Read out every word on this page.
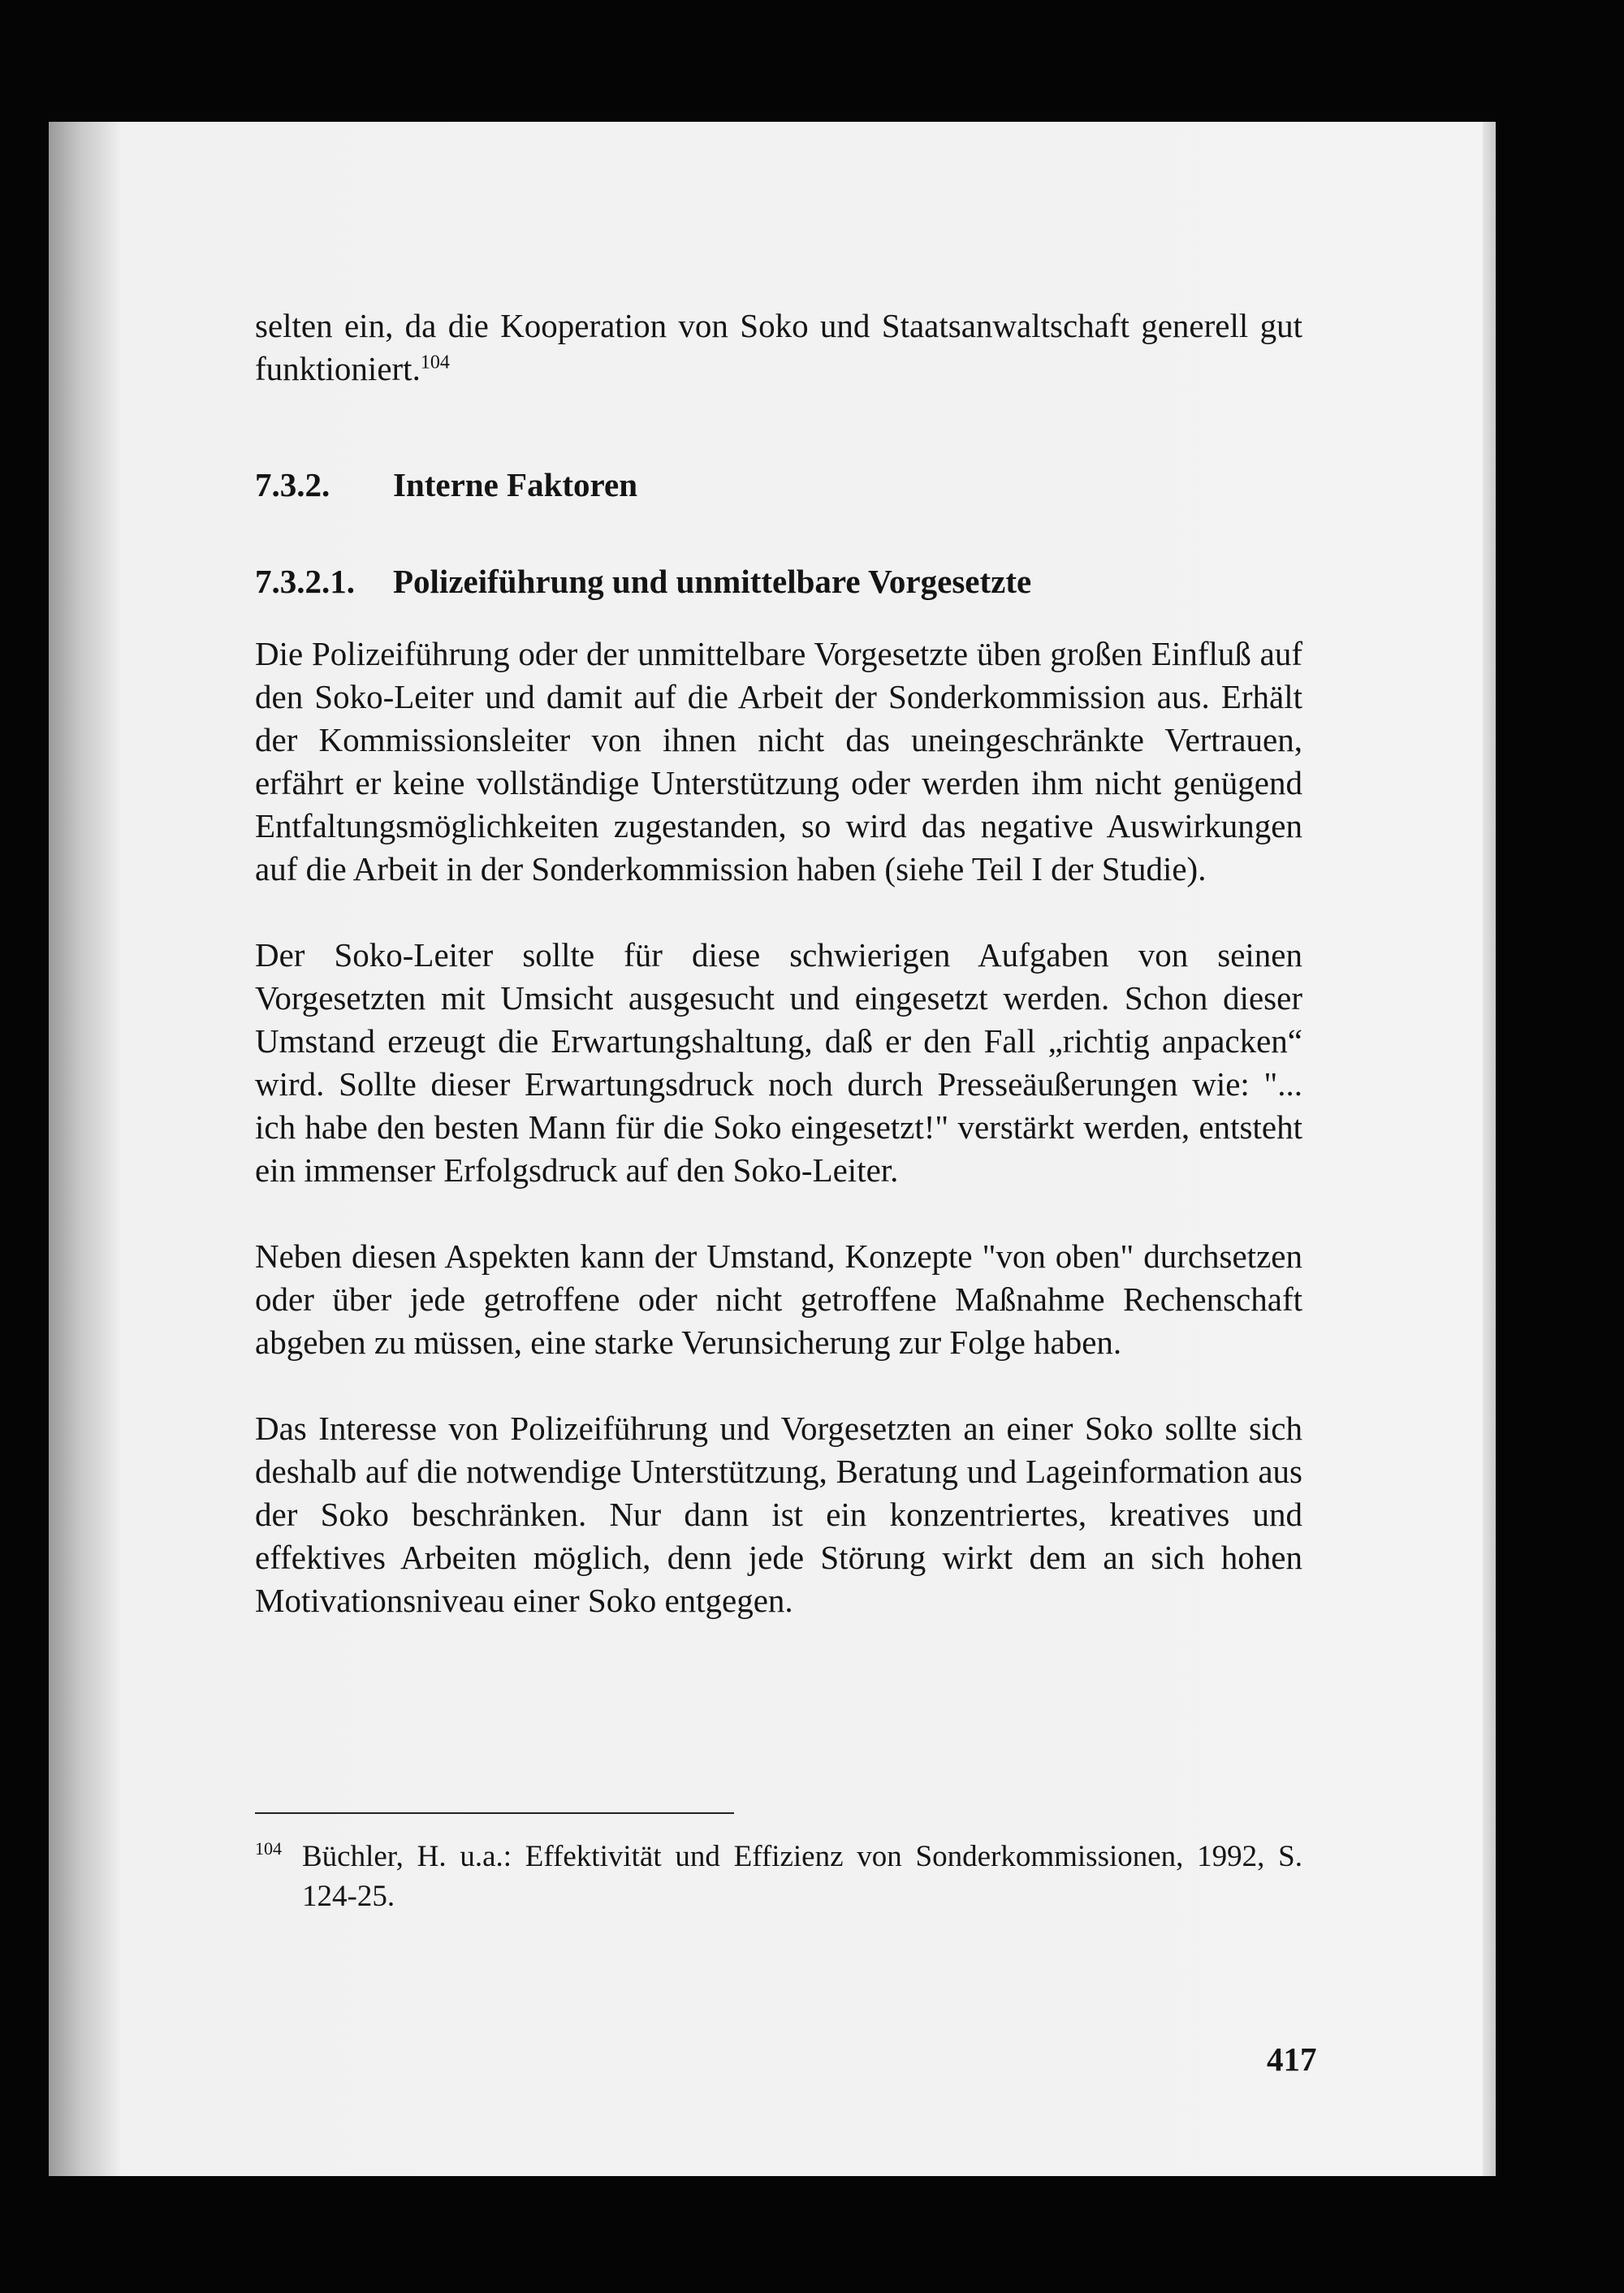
selten ein, da die Kooperation von Soko und Staatsanwaltschaft generell gut funktioniert.$^{104}$

7.3.2.	Interne Faktoren
7.3.2.1.	Polizeiführung und unmittelbare Vorgesetzte

Die Polizeiführung oder der unmittelbare Vorgesetzte üben großen Einfluß auf den Soko-Leiter und damit auf die Arbeit der Sonderkommission aus. Erhält der Kommissionsleiter von ihnen nicht das uneingeschränkte Vertrauen, erfährt er keine vollständige Unterstützung oder werden ihm nicht genügend Entfaltungsmöglichkeiten zugestanden, so wird das negative Auswirkungen auf die Arbeit in der Sonderkommission haben (siehe Teil I der Studie).

Der Soko-Leiter sollte für diese schwierigen Aufgaben von seinen Vorgesetzten mit Umsicht ausgesucht und eingesetzt werden. Schon dieser Umstand erzeugt die Erwartungshaltung, daß er den Fall „richtig anpacken“ wird. Sollte dieser Erwartungsdruck noch durch Presseäußerungen wie: "... ich habe den besten Mann für die Soko eingesetzt!" verstärkt werden, entsteht ein immenser Erfolgsdruck auf den Soko-Leiter.

Neben diesen Aspekten kann der Umstand, Konzepte "von oben" durchsetzen oder über jede getroffene oder nicht getroffene Maßnahme Rechenschaft abgeben zu müssen, eine starke Verunsicherung zur Folge haben.

Das Interesse von Polizeiführung und Vorgesetzten an einer Soko sollte sich deshalb auf die notwendige Unterstützung, Beratung und Lageinformation aus der Soko beschränken. Nur dann ist ein konzentriertes, kreatives und effektives Arbeiten möglich, denn jede Störung wirkt dem an sich hohen Motivationsniveau einer Soko entgegen.

104 Büchler, H. u.a.: Effektivität und Effizienz von Sonderkommissionen, 1992, S. 124-25.
417
